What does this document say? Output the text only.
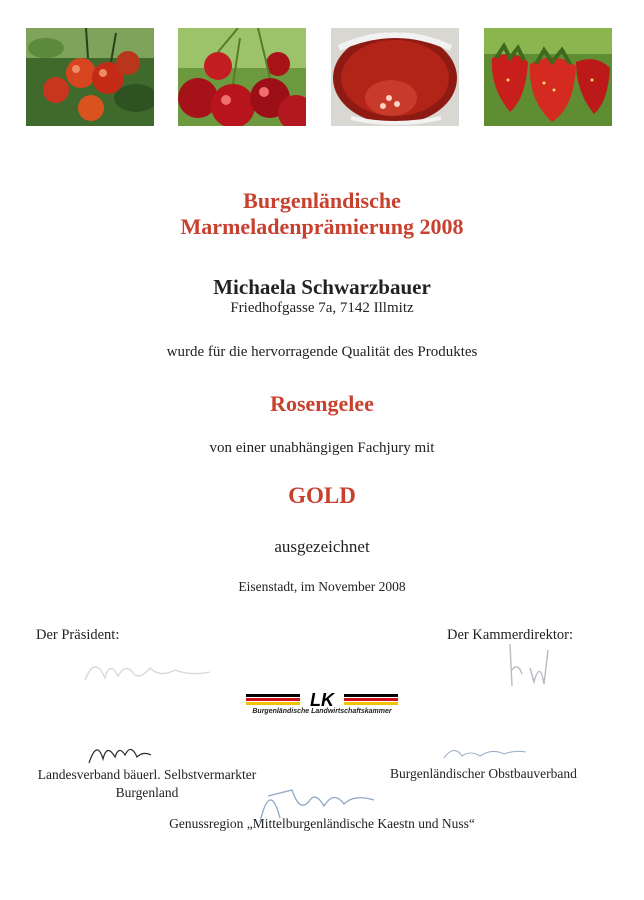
Burgenländische
Marmeladenprämierung 2008
Michaela Schwarzbauer
Friedhofgasse 7a, 7142 Illmitz
wurde für die hervorragende Qualität des Produktes
Rosengelee
von einer unabhängigen Fachjury mit
GOLD
ausgezeichnet
Eisenstadt, im November 2008
Der Präsident:	Der Kammerdirektor:
LK
Burgenländische Landwirtschaftskammer
Landesverband bäuerl. Selbstvermarkter
Burgenland
Burgenländischer Obstbauverband
Genussregion „Mittelburgenländische Kaestn und Nuss“
